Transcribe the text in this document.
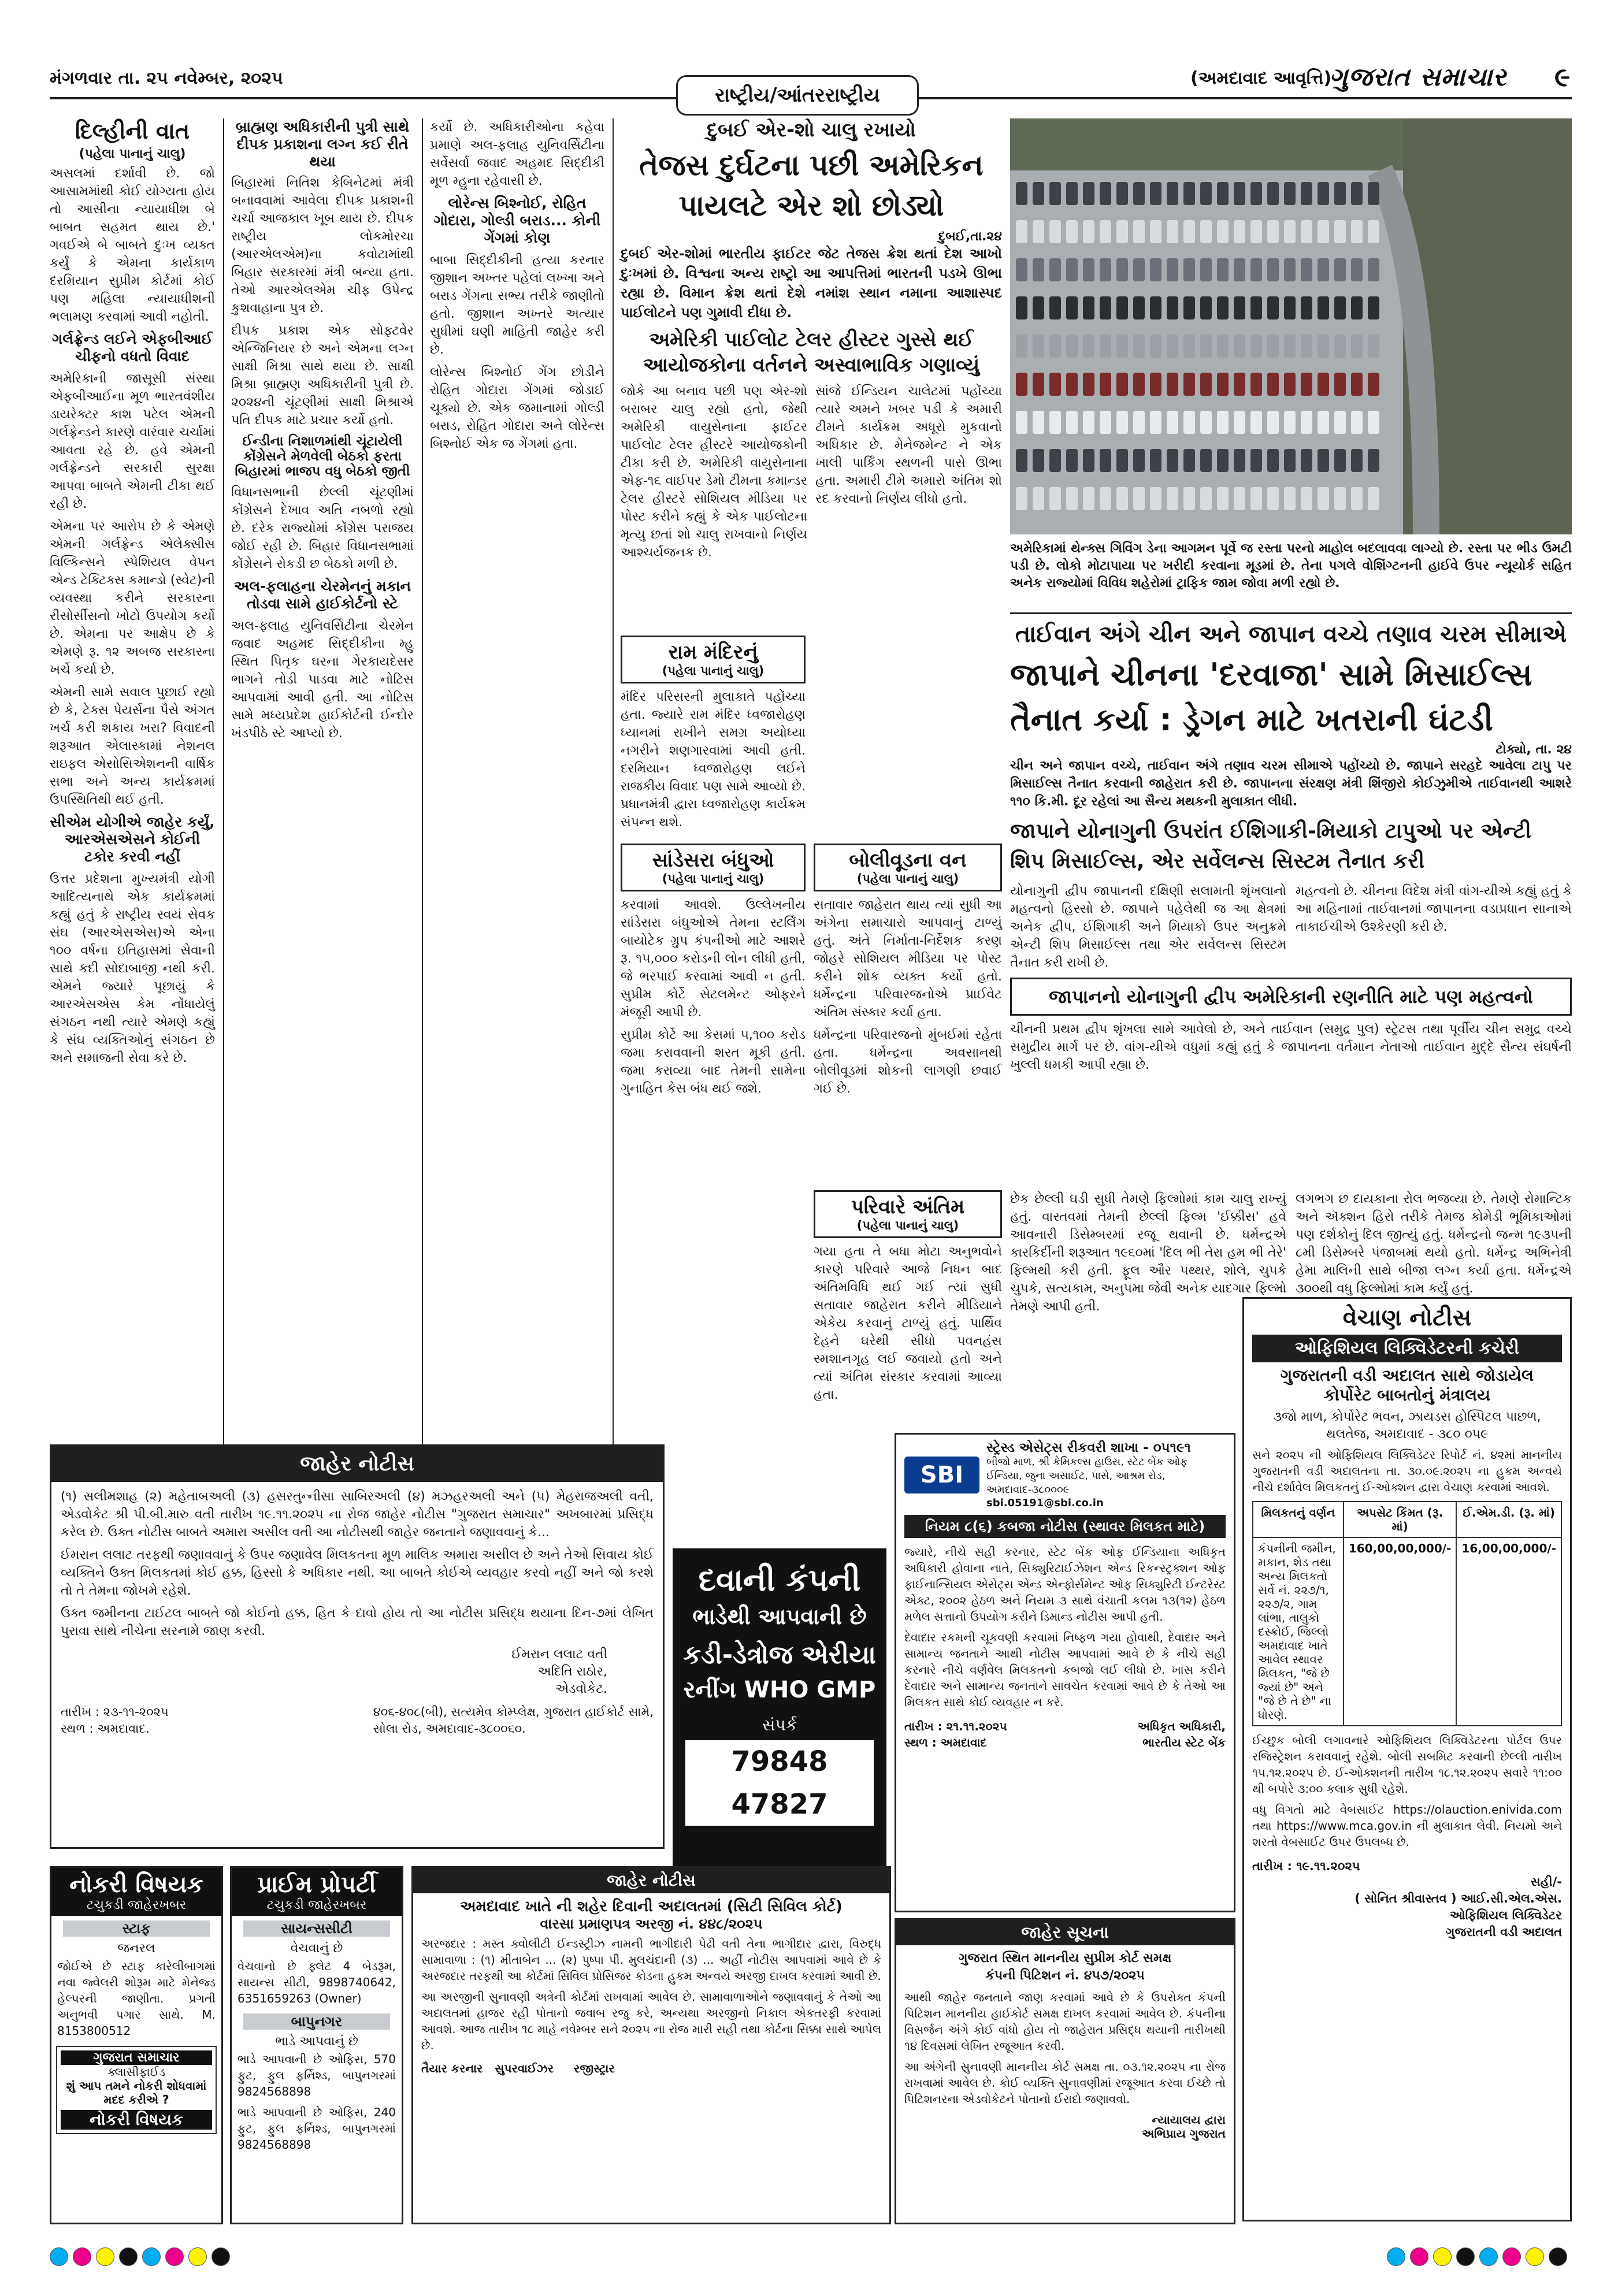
મંગળવાર તા. ૨૫ નવેમ્બર, ૨૦૨૫	(અમદાવાદ આવૃત્તિ)
ગુજરાત સમાચાર ૯
રાષ્ટ્રીય/આંતરરાષ્ટ્રીય
દિલ્હીની વાત
(પહેલા પાનાનું ચાલુ)

અસલમાં દર્શાવી છે. જો આસામમાંથી કોઈ યોગ્યતા હોય તો આસીના ન્યાયાધીશ બે બાબત સહમત થાય છે.' ગવઈએ બે બાબતે દુઃખ વ્યક્ત કર્યું કે એમના કાર્યકાળ દરમિયાન સુપ્રીમ કોર્ટમાં કોઈ પણ મહિલા ન્યાયાધીશની ભલામણ કરવામાં આવી નહોતી.

ગર્લફ્રેન્ડ લઈને એફબીઆઈ ચીફનો વધતો વિવાદ

અમેરિકાની જાસૂસી સંસ્થા એફબીઆઈના મૂળ ભારતવંશીય ડાયરેક્ટર કાશ પટેલ એમની ગર્લફ્રેન્ડને કારણે વારંવાર ચર્ચામાં આવતા રહે છે. હવે એમની ગર્લફ્રેન્ડને સરકારી સુરક્ષા આપવા બાબતે એમની ટીકા થઈ રહી છે.

એમના પર આરોપ છે કે એમણે એમની ગર્લફ્રેન્ડ એલેક્સીસ વિલ્કિન્સને સ્પેશિયલ વેપન એન્ડ ટેક્ટિક્સ કમાન્ડો (સ્વેટ)ની વ્યવસ્થા કરીને સરકારના રીસોર્સીસનો ખોટો ઉપયોગ કર્યો છે. એમના પર આક્ષેપ છે કે એમણે રૂ. ૧૨ અબજ સરકારના ખર્ચે કર્યા છે.

એમની સામે સવાલ પુછાઈ રહ્યો છે કે, ટેક્સ પેયર્સના પૈસે અંગત ખર્ચ કરી શકાય ખરા? વિવાદની શરૂઆત એલાસ્કામાં નેશનલ રાઇફલ એસોસિએશનની વાર્ષિક સભા અને અન્ય કાર્યક્રમમાં ઉપસ્થિતિથી થઈ હતી.

સીએમ યોગીએ જાહેર કર્યું, આરએસએસને કોઈની ટકોર કરવી નહીં

ઉત્તર પ્રદેશના મુખ્યમંત્રી યોગી આદિત્યનાથે એક કાર્યક્રમમાં કહ્યું હતું કે રાષ્ટ્રીય સ્વયં સેવક સંઘ (આરએસએસ)એ એના ૧૦૦ વર્ષના ઇતિહાસમાં સેવાની સાથે કદી સોદાબાજી નથી કરી. એમને જ્યારે પૂછાયું કે આરએસએસ કેમ નોંધાયેલું સંગઠન નથી ત્યારે એમણે કહ્યું કે સંઘ વ્યક્તિઓનું સંગઠન છે અને સમાજની સેવા કરે છે.

બ્રાહ્મણ અધિકારીની પુત્રી સાથે દીપક પ્રકાશના લગ્ન કઈ રીતે થયા

બિહારમાં નિતિશ કેબિનેટમાં મંત્રી બનાવવામાં આવેલા દીપક પ્રકાશની ચર્ચા આજકાલ ખૂબ થાય છે. દીપક રાષ્ટ્રીય લોકમોરચા (આરએલએમ)ના કવોટામાંથી બિહાર સરકારમાં મંત્રી બન્યા હતા. તેઓ આરએલએમ ચીફ ઉપેન્દ્ર કુશવાહાના પુત્ર છે.

દીપક પ્રકાશ એક સોફ્ટવેર એન્જિનિયર છે અને એમના લગ્ન સાક્ષી મિશ્રા સાથે થયા છે. સાક્ષી મિશ્રા બ્રાહ્મણ અધિકારીની પુત્રી છે. ૨૦૨૪ની ચૂંટણીમાં સાક્ષી મિશ્રાએ પતિ દીપક માટે પ્રચાર કર્યો હતો.

ઈન્ડીના નિશાળમાંથી ચૂંટાયેલી કોંગ્રેસને મેળવેલી બેઠકો ફરતા બિહારમાં ભાજપ વધુ બેઠકો જીતી

વિધાનસભાની છેલ્લી ચૂંટણીમાં કોંગ્રેસને દેખાવ અતિ નબળો રહ્યો છે. દરેક રાજ્યોમાં કોંગ્રેસ પરાજય જોઈ રહી છે. બિહાર વિધાનસભામાં કોંગ્રેસને રોકડી છ બેઠકો મળી છે.

અલ-ફલાહના ચેરમેનનું મકાન તોડવા સામે હાઈકોર્ટનો સ્ટે

અલ-ફલાહ યુનિવર્સિટીના ચેરમેન જવાદ અહમદ સિદ્દીકીના મ્હુ સ્થિત પિતૃક ઘરના ગેરકાયદેસર ભાગને તોડી પાડવા માટે નોટિસ આપવામાં આવી હતી. આ નોટિસ સામે મધ્યપ્રદેશ હાઈકોર્ટની ઈન્દોર ખંડપીઠે સ્ટે આપ્યો છે.

કર્યો છે. અધિકારીઓના કહેવા પ્રમાણે અલ-ફલાહ યુનિવર્સિટીના સર્વેસર્વા જવાદ અહમદ સિદ્દીકી મૂળ મ્હુના રહેવાસી છે.

લોરેન્સ બિશ્નોઈ, રોહિત ગોદારા, ગોલ્ડી બરાડ... કોની ગેંગમાં કોણ

બાબા સિદ્દીકીની હત્યા કરનાર જીશાન અખ્તર પહેલાં લખ્ખા અને બરાડ ગેંગના સભ્ય તરીકે જાણીતો હતો. જીશાન અખ્તરે અત્યાર સુધીમાં ઘણી માહિતી જાહેર કરી છે.

લોરેન્સ બિશ્નોઈ ગેંગ છોડીને રોહિત ગોદારા ગેંગમાં જોડાઈ ચૂક્યો છે. એક જમાનામાં ગોલ્ડી બરાડ, રોહિત ગોદારા અને લોરેન્સ બિશ્નોઈ એક જ ગેંગમાં હતા.

દુબઈ એર-શો ચાલુ રખાયો
તેજસ દુર્ઘટના પછી અમેરિકન પાયલટે એર શો છોડ્યો
દુબઈ,તા.૨૪

દુબઈ એર-શોમાં ભારતીય ફાઈટર જેટ તેજસ ક્રેશ થતાં દેશ આખો દુઃખમાં છે. વિશ્વના અન્ય રાષ્ટ્રો આ આપત્તિમાં ભારતની પડખે ઊભા રહ્યા છે. વિમાન ક્રેશ થતાં દેશે નમાંશ સ્થાન નમાના આશાસ્પદ પાઈલોટને પણ ગુમાવી દીધા છે.

અમેરિકી પાઈલોટ ટેલર હીસ્ટર ગુસ્સે થઈ આયોજકોના વર્તનને અસ્વાભાવિક ગણાવ્યું

જોકે આ બનાવ પછી પણ એર-શો બરાબર ચાલુ રહ્યો હતો, જેથી અમેરિકી વાયુસેનાના ફાઈટર પાઈલોટ ટેલર હીસ્ટરે આયોજકોની ટીકા કરી છે. અમેરિકી વાયુસેનાના એફ-૧૬ વાઈપર ડેમો ટીમના કમાન્ડર ટેલર હીસ્ટરે સોશિયલ મીડિયા પર પોસ્ટ કરીને કહ્યું કે એક પાઈલોટના મૃત્યુ છતાં શો ચાલુ રાખવાનો નિર્ણય આશ્ચર્યજનક છે.

સાંજે ઈન્ડિયન ચાલેટમાં પહોંચ્યા ત્યારે અમને ખબર પડી કે અમારી ટીમને કાર્યક્રમ અધૂરો મુકવાનો અધિકાર છે. મેનેજમેન્ટ ને એક ખાલી પાર્કિંગ સ્થળની પાસે ઊભા હતા. અમારી ટીમે અમારો અંતિમ શો રદ કરવાનો નિર્ણય લીધો હતો.

અમેરિકામાં થેન્ક્સ ગિવિંગ ડેના આગમન પૂર્વે જ રસ્તા પરનો માહોલ બદલાવવા લાગ્યો છે. રસ્તા પર ભીડ ઉમટી પડી છે. લોકો મોટાપાયા પર ખરીદી કરવાના મૂડમાં છે. તેના પગલે વોશિંગ્ટનની હાઈવે ઉપર ન્યૂયોર્ક સહિત અનેક રાજ્યોમાં વિવિધ શહેરોમાં ટ્રાફિક જામ જોવા મળી રહ્યો છે.

તાઈવાન અંગે ચીન અને જાપાન વચ્ચે તણાવ ચરમ સીમાએ
જાપાને ચીનના 'દરવાજા' સામે મિસાઈલ્સ
તૈનાત કર્યા : ડ્રેગન માટે ખતરાની ઘંટડી
ટોક્યો, તા. ૨૪

ચીન અને જાપાન વચ્ચે, તાઈવાન અંગે તણાવ ચરમ સીમાએ પહોંચ્યો છે. જાપાને સરહદે આવેલા ટાપુ પર મિસાઈલ્સ તૈનાત કરવાની જાહેરાત કરી છે. જાપાનના સંરક્ષણ મંત્રી શિંજીરો કોઈઝુમીએ તાઈવાનથી આશરે ૧૧૦ કિ.મી. દૂર રહેલાં આ સૈન્ય મથકની મુલાકાત લીધી.

જાપાને યોનાગુની ઉપરાંત ઈશિગાકી-મિયાકો ટાપુઓ પર એન્ટી શિપ મિસાઈલ્સ, એર સર્વેલન્સ સિસ્ટમ તૈનાત કરી

યોનાગુની દ્વીપ જાપાનની દક્ષિણી સલામતી શૃંખલાનો મહત્વનો હિસ્સો છે. જાપાને પહેલેથી જ આ ક્ષેત્રમાં અનેક દ્વીપ, ઈશિગાકી અને મિયાકો ઉપર અનુક્રમે એન્ટી શિપ મિસાઈલ્સ તથા એર સર્વેલન્સ સિસ્ટમ તૈનાત કરી રાખી છે.

મહત્વનો છે. ચીનના વિદેશ મંત્રી વાંગ-યીએ કહ્યું હતું કે આ મહિનામાં તાઈવાનમાં જાપાનના વડાપ્રધાન સાનાએ તાકાઈચીએ ઉશ્કેરણી કરી છે.

જાપાનનો યોનાગુની દ્વીપ અમેરિકાની રણનીતિ માટે પણ મહત્વનો

ચીનની પ્રથમ દ્વીપ શૃંખલા સામે આવેલો છે, અને તાઈવાન (સમુદ્ર પુલ) સ્ટ્રેટસ તથા પૂર્વીય ચીન સમુદ્ર વચ્ચે સમુદ્રીય માર્ગ પર છે. વાંગ-યીએ વધુમાં કહ્યું હતું કે જાપાનના વર્તમાન નેતાઓ તાઈવાન મુદ્દે સૈન્ય સંઘર્ષની ખુલ્લી ધમકી આપી રહ્યા છે.

રામ મંદિરનું
(પહેલા પાનાનું ચાલુ)

મંદિર પરિસરની મુલાકાતે પહોંચ્યા હતા. જ્યારે રામ મંદિર ધ્વજારોહણ ધ્યાનમાં રાખીને સમગ્ર અયોધ્યા નગરીને શણગારવામાં આવી હતી. દરમિયાન ધ્વજારોહણ લઈને રાજકીય વિવાદ પણ સામે આવ્યો છે. પ્રધાનમંત્રી દ્વારા ધ્વજારોહણ કાર્યક્રમ સંપન્ન થશે.

સાંડેસરા બંધુઓ
(પહેલા પાનાનું ચાલુ)

કરવામાં આવશે. ઉલ્લેખનીય સાંડેસરા બંધુઓએ તેમના સ્ટર્લિંગ બાયોટેક ગ્રુપ કંપનીઓ માટે આશરે રૂ. ૧૫,૦૦૦ કરોડની લોન લીધી હતી, જે ભરપાઈ કરવામાં આવી ન હતી. સુપ્રીમ કોર્ટે સેટલમેન્ટ ઓફરને મંજૂરી આપી છે.

સુપ્રીમ કોર્ટે આ કેસમાં ૫,૧૦૦ કરોડ જમા કરાવવાની શરત મૂકી હતી. જમા કરાવ્યા બાદ તેમની સામેના ગુનાહિત કેસ બંધ થઈ જશે.

બોલીવૂડના વન
(પહેલા પાનાનું ચાલુ)

સતાવાર જાહેરાત થાય ત્યાં સુધી આ અંગેના સમાચારો આપવાનું ટાળ્યું હતું. અંતે નિર્માતા-નિર્દેશક કરણ જોહરે સોશિયલ મીડિયા પર પોસ્ટ કરીને શોક વ્યક્ત કર્યો હતો. ધર્મેન્દ્રના પરિવારજનોએ પ્રાઈવેટ અંતિમ સંસ્કાર કર્યા હતા.

ધર્મેન્દ્રના પરિવારજનો મુંબઈમાં રહેતા હતા. ધર્મેન્દ્રના અવસાનથી બોલીવૂડમાં શોકની લાગણી છવાઈ ગઈ છે.

પરિવારે અંતિમ
(પહેલા પાનાનું ચાલુ)

ગયા હતા તે બધા મોટા અનુભવોને કારણે પરિવારે આજે નિધન બાદ અંતિમવિધિ થઈ ગઈ ત્યાં સુધી સતાવાર જાહેરાત કરીને મીડિયાને એકેય કરવાનું ટાળ્યું હતું. પાર્થિવ દેહને ઘરેથી સીધો પવનહંસ સ્મશાનગૃહ લઈ જવાયો હતો અને ત્યાં અંતિમ સંસ્કાર કરવામાં આવ્યા હતા.

છેક છેલ્લી ઘડી સુધી તેમણે ફિલ્મોમાં કામ ચાલુ રાખ્યું હતું. વાસ્તવમાં તેમની છેલ્લી ફિલ્મ 'ઈક્કીસ' હવે આવનારી ડિસેમ્બરમાં રજૂ થવાની છે. ધર્મેન્દ્રએ કારકિર્દીની શરૂઆત ૧૯૬૦માં 'દિલ ભી તેરા હમ ભી તેરે' ફિલ્મથી કરી હતી. ફૂલ ઔર પથ્થર, શોલે, ચુપકે ચુપકે, સત્યકામ, અનુપમા જેવી અનેક યાદગાર ફિલ્મો તેમણે આપી હતી.

લગભગ છ દાયકાના રોલ ભજવ્યા છે. તેમણે રોમાન્ટિક અને ઍક્શન હિરો તરીકે તેમજ કોમેડી ભૂમિકાઓમાં પણ દર્શકોનું દિલ જીત્યું હતું. ધર્મેન્દ્રનો જન્મ ૧૯૩૫ની ૮મી ડિસેમ્બરે પંજાબમાં થયો હતો. ધર્મેન્દ્ર અભિનેત્રી હેમા માલિની સાથે બીજા લગ્ન કર્યા હતા. ધર્મેન્દ્રએ ૩૦૦થી વધુ ફિલ્મોમાં કામ કર્યું હતું.

જાહેર નોટીસ

(૧) સલીમશાહ (૨) મહેતાબઅલી (૩) હસરતુન્નીસા સાબિરઅલી (૪) મઝહરઅલી અને (૫) મેહરાજઅલી વતી, એડવોકેટ શ્રી પી.બી.મારુ વતી તારીખ ૧૯.૧૧.૨૦૨૫ ના રોજ જાહેર નોટીસ "ગુજરાત સમાચાર" અખબારમાં પ્રસિદ્ધ કરેલ છે. ઉક્ત નોટીસ બાબતે અમારા અસીલ વતી આ નોટીસથી જાહેર જનતાને જણાવવાનું કે...

ઈમરાન લલાટ તરફથી જણાવવાનું કે ઉપર જણાવેલ મિલકતના મૂળ માલિક અમારા અસીલ છે અને તેઓ સિવાય કોઈ વ્યક્તિને ઉક્ત મિલકતમાં કોઈ હક્ક, હિસ્સો કે અધિકાર નથી. આ બાબતે કોઈએ વ્યવહાર કરવો નહીં અને જો કરશે તો તે તેમના જોખમે રહેશે.

ઉક્ત જમીનના ટાઈટલ બાબતે જો કોઈનો હક્ક, હિત કે દાવો હોય તો આ નોટીસ પ્રસિદ્ધ થયાના દિન-૭માં લેખિત પુરાવા સાથે નીચેના સરનામે જાણ કરવી.

ઈમરાન લલાટ વતી
અદિતિ રાઠોર,
એડવોકેટ.
તારીખ : ૨૩-૧૧-૨૦૨૫
સ્થળ : અમદાવાદ.
૪૦૬-૪૦૮(બી), સત્યમેવ કોમ્પ્લેક્ષ, ગુજરાત હાઈકોર્ટ સામે,
સોલા રોડ, અમદાવાદ-૩૮૦૦૬૦.
દવાની કંપની
ભાડેથી આપવાની છે
કડી-ડેત્રોજ એરીયા
રનીંગ WHO GMP
સંપર્ક
79848 47827
SBI
સ્ટ્રેસ્ડ એસેટ્સ રીકવરી શાખા - ૦૫૧૯૧
બીજો માળ, શ્રી કેમિકલ્સ હાઉસ, સ્ટેટ બેંક ઓફ ઈન્ડિયા, જુના અસાઈટ, પાસે, આશ્રમ રોડ, અમદાવાદ-૩૮૦૦૦૯
sbi.05191@sbi.co.in
નિયમ ૮(૬) કબજા નોટીસ (સ્થાવર મિલકત માટે)

જ્યારે, નીચે સહી કરનાર, સ્ટેટ બેંક ઓફ ઈન્ડિયાના અધિકૃત અધિકારી હોવાના નાતે, સિક્યુરિટાઈઝેશન એન્ડ રિકન્સ્ટ્રક્શન ઓફ ફાઈનાન્સિયલ એસેટ્સ એન્ડ એન્ફોર્સમેન્ટ ઓફ સિક્યુરિટી ઈન્ટરેસ્ટ એક્ટ, ૨૦૦૨ હેઠળ અને નિયમ ૩ સાથે વંચાતી કલમ ૧૩(૧૨) હેઠળ મળેલ સત્તાનો ઉપયોગ કરીને ડિમાન્ડ નોટીસ આપી હતી.

દેવાદાર રકમની ચૂકવણી કરવામાં નિષ્ફળ ગયા હોવાથી, દેવાદાર અને સામાન્ય જનતાને આથી નોટીસ આપવામાં આવે છે કે નીચે સહી કરનારે નીચે વર્ણવેલ મિલકતનો કબજો લઈ લીધો છે. ખાસ કરીને દેવાદાર અને સામાન્ય જનતાને સાવચેત કરવામાં આવે છે કે તેઓ આ મિલકત સાથે કોઈ વ્યવહાર ન કરે.

તારીખ : ૨૧.૧૧.૨૦૨૫
સ્થળ : અમદાવાદ
અધિકૃત અધિકારી,
ભારતીય સ્ટેટ બેંક
વેચાણ નોટીસ
ઓફિશિયલ લિક્વિડેટરની કચેરી
ગુજરાતની વડી અદાલત સાથે જોડાયેલ
કોર્પોરેટ બાબતોનું મંત્રાલય
૩જો માળ, કોર્પોરેટ ભવન, ઝાયડસ હોસ્પિટલ પાછળ,
થલતેજ, અમદાવાદ - ૩૮૦ ૦૫૯

સને ૨૦૨૫ ની ઓફિશિયલ લિક્વિડેટર રિપોર્ટ નં. ૪૨માં માનનીય ગુજરાતની વડી અદાલતના તા. ૩૦.૦૯.૨૦૨૫ ના હુકમ અન્વયે નીચે દર્શાવેલ મિલકતનું ઈ-ઓક્શન દ્વારા વેચાણ કરવામાં આવશે.

મિલકતનું વર્ણન	અપસેટ કિંમત (રૂ. માં)	ઈ.એમ.ડી. (રૂ. માં)
કંપનીની જમીન, મકાન, શેડ તથા અન્ય મિલકતો સર્વે નં. ૨૨૭/૧, ૨૨૭/૨, ગામ લાંભા, તાલુકો દસ્ક્રોઈ, જિલ્લો અમદાવાદ ખાતે આવેલ સ્થાવર મિલકત, "જે છે જ્યાં છે" અને "જે છે તે છે" ના ધોરણે.	160,00,00,000/-	16,00,00,000/-

ઈચ્છુક બોલી લગાવનારે ઓફિશિયલ લિક્વિડેટરના પોર્ટલ ઉપર રજિસ્ટ્રેશન કરાવવાનું રહેશે. બોલી સબમિટ કરવાની છેલ્લી તારીખ ૧૫.૧૨.૨૦૨૫ છે. ઈ-ઓક્શનની તારીખ ૧૮.૧૨.૨૦૨૫ સવારે ૧૧:૦૦ થી બપોરે ૩:૦૦ કલાક સુધી રહેશે.

વધુ વિગતો માટે વેબસાઈટ https://olauction.enivida.com તથા https://www.mca.gov.in ની મુલાકાત લેવી. નિયમો અને શરતો વેબસાઈટ ઉપર ઉપલબ્ધ છે.

તારીખ : ૧૯.૧૧.૨૦૨૫
સહી/-
( સોનિત શ્રીવાસ્તવ ) આઈ.સી.એલ.એસ.
ઓફિશિયલ લિક્વિડેટર
ગુજરાતની વડી અદાલત
નોકરી વિષયક
ટચુકડી જાહેરખબર
સ્ટાફ
જનરલ

જોઈએ છે સ્ટાફ કારેલીબાગમાં નવા જ્વેલરી શોરૂમ માટે મેનેજ્ડ હેલ્પરની જાણીતા. પ્રગતી અનુભવી પગાર સાથે. M. 8153800512

ગુજરાત સમાચાર
ક્લાસીફાઈડ
શું આપ તમને નોકરી શોધવામાં મદદ કરીએ ?
નોકરી વિષયક
પ્રાઈમ પ્રોપર્ટી
ટચુકડી જાહેરખબર
સાયન્સસીટી
વેચવાનું છે

વેચવાનો છે ફ્લેટ 4 બેડરૂમ, સાયન્સ સીટી, 9898740642, 6351659263 (Owner)

બાપુનગર
ભાડે આપવાનું છે

ભાડે આપવાની છે ઓફિસ, 570 ફુટ, ફુલ ફર્નિશ્ડ, બાપુનગરમાં 9824568898

ભાડે આપવાની છે ઓફિસ, 240 ફુટ, ફુલ ફર્નિશ્ડ, બાપુનગરમાં 9824568898

જાહેર નોટીસ
અમદાવાદ ખાતે ની શહેર દિવાની અદાલતમાં (સિટી સિવિલ કોર્ટ)
વારસા પ્રમાણપત્ર અરજી નં. ૪૪૮/૨૦૨૫

અરજદાર : મસ્ત ક્વોલીટી ઈન્ડસ્ટ્રીઝ નામની ભાગીદારી પેઢી વતી તેના ભાગીદાર દ્વારા, વિરુદ્ધ સામાવાળા : (૧) મીતાબેન ... (૨) પુષ્પા પી. મુલચંદાની (૩) ... અહીં નોટીસ આપવામાં આવે છે કે અરજદાર તરફથી આ કોર્ટમાં સિવિલ પ્રોસિજર કોડના હુકમ અન્વયે અરજી દાખલ કરવામાં આવી છે.

આ અરજીની સુનાવણી અત્રેની કોર્ટમાં રાખવામાં આવેલ છે. સામાવાળાઓને જણાવવાનું કે તેઓ આ અદાલતમાં હાજર રહી પોતાનો જવાબ રજુ કરે, અન્યથા અરજીનો નિકાલ એકતરફી કરવામાં આવશે. આજ તારીખ ૧૮ માહે નવેમ્બર સને ૨૦૨૫ ના રોજ મારી સહી તથા કોર્ટના સિક્કા સાથે આપેલ છે.

તૈયાર કરનાર   સુપરવાઈઝર     રજીસ્ટ્રાર
જાહેર સૂચના
ગુજરાત સ્થિત માનનીય સુપ્રીમ કોર્ટ સમક્ષ
કંપની પિટિશન નં. ૪૫૭/૨૦૨૫

આથી જાહેર જનતાને જાણ કરવામાં આવે છે કે ઉપરોક્ત કંપની પિટિશન માનનીય હાઈકોર્ટ સમક્ષ દાખલ કરવામાં આવેલ છે. કંપનીના વિસર્જન અંગે કોઈ વાંધો હોય તો જાહેરાત પ્રસિદ્ધ થયાની તારીખથી ૧૪ દિવસમાં લેખિત રજૂઆત કરવી.

આ અંગેની સુનાવણી માનનીય કોર્ટ સમક્ષ તા. ૦૩.૧૨.૨૦૨૫ ના રોજ રાખવામાં આવેલ છે. કોઈ વ્યક્તિ સુનાવણીમાં રજૂઆત કરવા ઈચ્છે તો પિટિશનરના એડવોકેટને પોતાનો ઈરાદો જણાવવો.

ન્યાયાલય દ્વારા
અભિપ્રાય ગુજરાત
